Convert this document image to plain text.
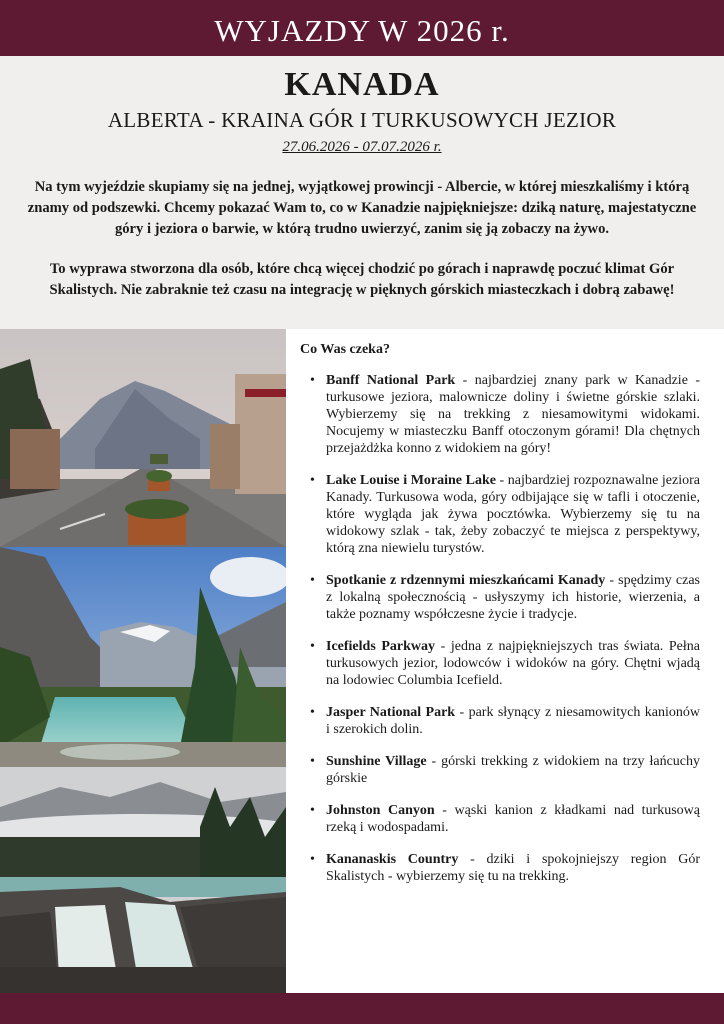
WYJAZDY W 2026 r.
KANADA
ALBERTA - KRAINA GÓR I TURKUSOWYCH JEZIOR
27.06.2026 - 07.07.2026 r.

Na tym wyjeździe skupiamy się na jednej, wyjątkowej prowincji - Albercie, w której mieszkaliśmy i którą znamy od podszewki. Chcemy pokazać Wam to, co w Kanadzie najpiękniejsze: dziką naturę, majestatyczne góry i jeziora o barwie, w którą trudno uwierzyć, zanim się ją zobaczy na żywo.

To wyprawa stworzona dla osób, które chcą więcej chodzić po górach i naprawdę poczuć klimat Gór Skalistych. Nie zabraknie też czasu na integrację w pięknych górskich miasteczkach i dobrą zabawę!

Co Was czeka?
• Banff National Park - najbardziej znany park w Kanadzie - turkusowe jeziora, malownicze doliny i świetne górskie szlaki. Wybierzemy się na trekking z niesamowitymi widokami. Nocujemy w miasteczku Banff otoczonym górami! Dla chętnych przejażdżka konno z widokiem na góry!
• Lake Louise i Moraine Lake - najbardziej rozpoznawalne jeziora Kanady. Turkusowa woda, góry odbijające się w tafli i otoczenie, które wygląda jak żywa pocztówka. Wybierzemy się tu na widokowy szlak - tak, żeby zobaczyć te miejsca z perspektywy, którą zna niewielu turystów.
• Spotkanie z rdzennymi mieszkańcami Kanady - spędzimy czas z lokalną społecznością - usłyszymy ich historie, wierzenia, a także poznamy współczesne życie i tradycje.
• Icefields Parkway - jedna z najpiękniejszych tras świata. Pełna turkusowych jezior, lodowców i widoków na góry. Chętni wjadą na lodowiec Columbia Icefield.
• Jasper National Park - park słynący z niesamowitych kanionów i szerokich dolin.
• Sunshine Village - górski trekking z widokiem na trzy łańcuchy górskie
• Johnston Canyon - wąski kanion z kładkami nad turkusową rzeką i wodospadami.
• Kananaskis Country - dziki i spokojniejszy region Gór Skalistych - wybierzemy się tu na trekking.
